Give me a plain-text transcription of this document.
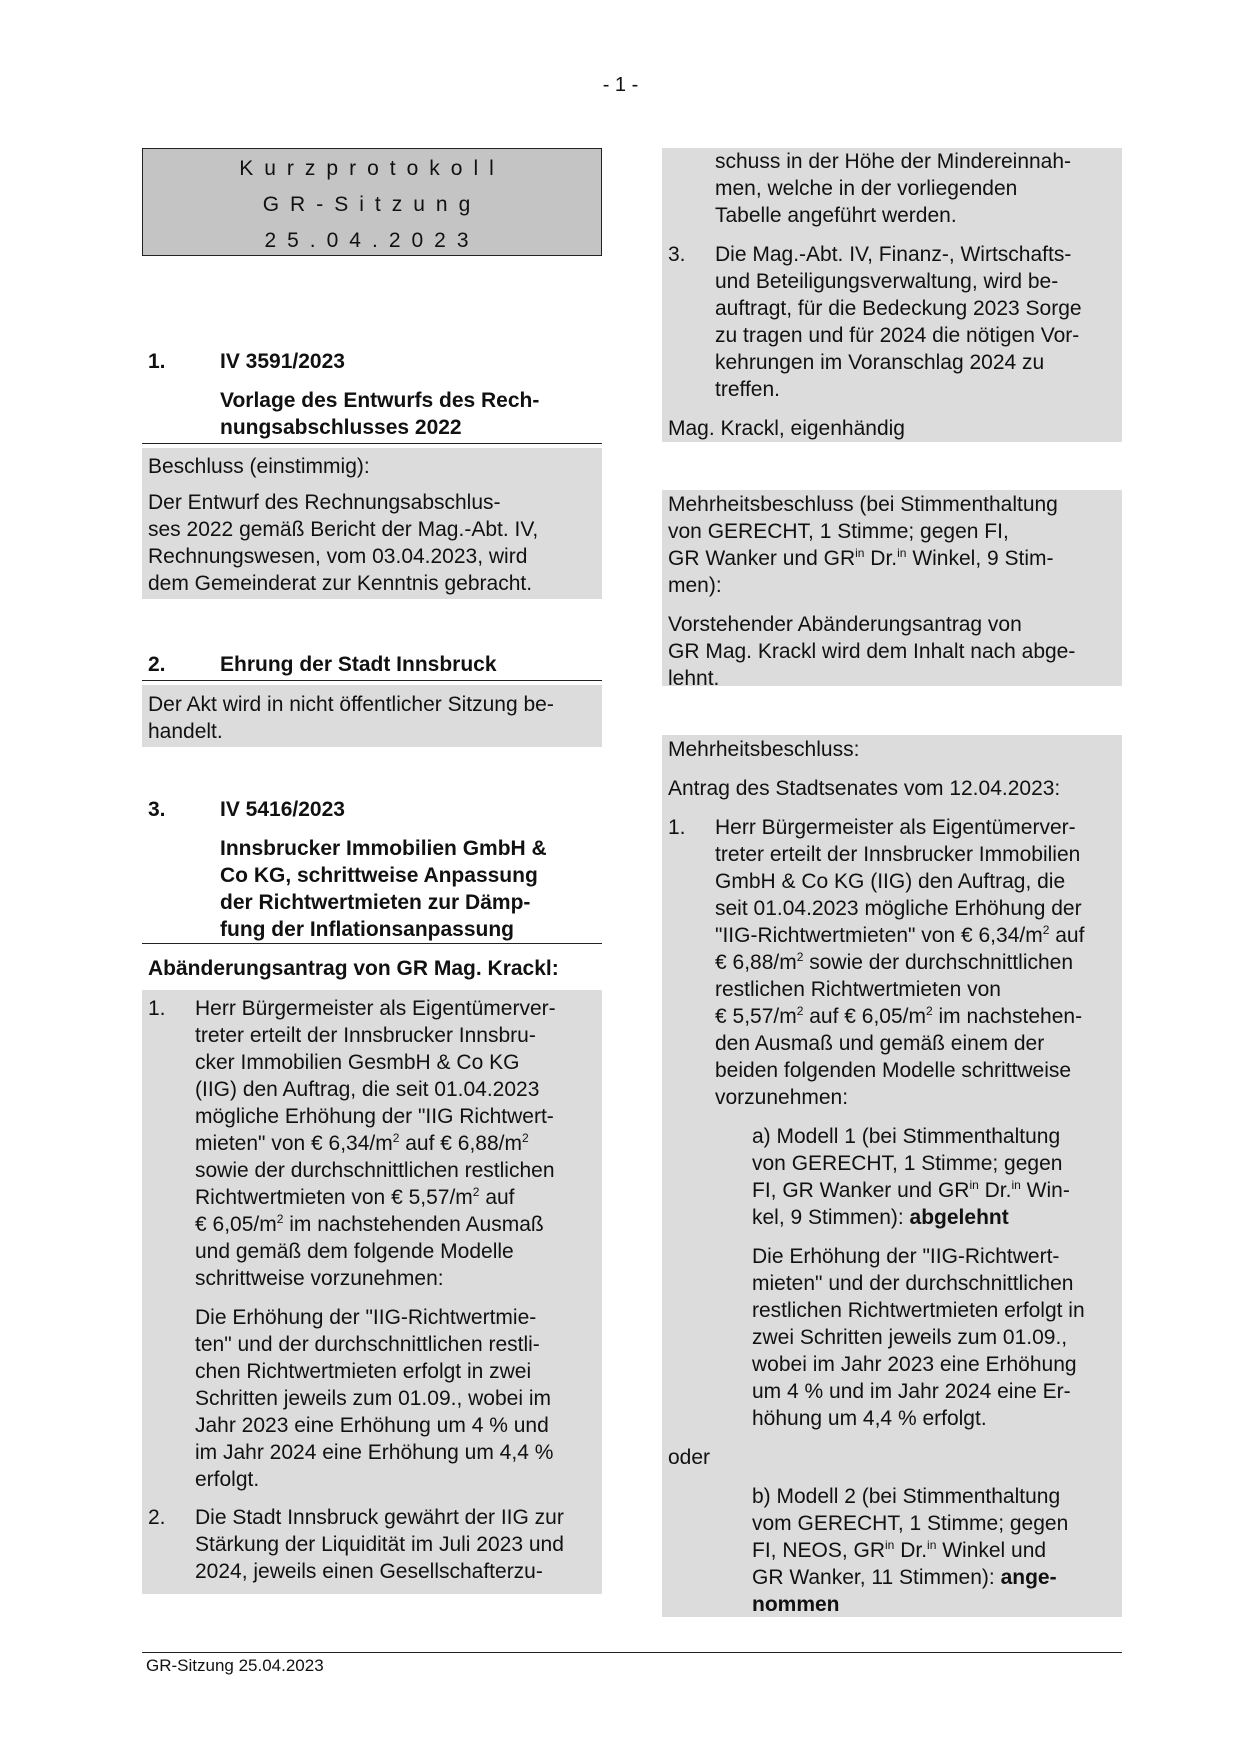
- 1 -
Kurzprotokoll
GR-Sitzung
25.04.2023
1.	IV 3591/2023
Vorlage des Entwurfs des Rech-
nungsabschlusses 2022
Beschluss (einstimmig):
Der Entwurf des Rechnungsabschlus-
ses 2022 gemäß Bericht der Mag.-Abt. IV,
Rechnungswesen, vom 03.04.2023, wird
dem Gemeinderat zur Kenntnis gebracht.
2.	Ehrung der Stadt Innsbruck
Der Akt wird in nicht öffentlicher Sitzung be-
handelt.
3.	IV 5416/2023
Innsbrucker Immobilien GmbH &
Co KG, schrittweise Anpassung
der Richtwertmieten zur Dämp-
fung der Inflationsanpassung
Abänderungsantrag von GR Mag. Krackl:
1. Herr Bürgermeister als Eigentümerver-
treter erteilt der Innsbrucker Innsbru-
cker Immobilien GesmbH & Co KG
(IIG) den Auftrag, die seit 01.04.2023
mögliche Erhöhung der "IIG Richtwert-
mieten" von € $6,34/m^2$ auf € $6,88/m^2$
sowie der durchschnittlichen restlichen
Richtwertmieten von € $5,57/m^2$ auf
€ $6,05/m^2$ im nachstehenden Ausmaß
und gemäß dem folgende Modelle
schrittweise vorzunehmen:
Die Erhöhung der "IIG-Richtwertmie-
ten" und der durchschnittlichen restli-
chen Richtwertmieten erfolgt in zwei
Schritten jeweils zum 01.09., wobei im
Jahr 2023 eine Erhöhung um 4 % und
im Jahr 2024 eine Erhöhung um 4,4 %
erfolgt.
2. Die Stadt Innsbruck gewährt der IIG zur
Stärkung der Liquidität im Juli 2023 und
2024, jeweils einen Gesellschafterzu-
schuss in der Höhe der Mindereinnah-
men, welche in der vorliegenden
Tabelle angeführt werden.
3. Die Mag.-Abt. IV, Finanz-, Wirtschafts-
und Beteiligungsverwaltung, wird be-
auftragt, für die Bedeckung 2023 Sorge
zu tragen und für 2024 die nötigen Vor-
kehrungen im Voranschlag 2024 zu
treffen.
Mag. Krackl, eigenhändig
Mehrheitsbeschluss (bei Stimmenthaltung
von GERECHT, 1 Stimme; gegen FI,
GR Wanker und $GR^{in}$ Dr.$^{in}$ Winkel, 9 Stim-
men):
Vorstehender Abänderungsantrag von
GR Mag. Krackl wird dem Inhalt nach abge-
lehnt.
Mehrheitsbeschluss:
Antrag des Stadtsenates vom 12.04.2023:
1. Herr Bürgermeister als Eigentümerver-
treter erteilt der Innsbrucker Immobilien
GmbH & Co KG (IIG) den Auftrag, die
seit 01.04.2023 mögliche Erhöhung der
"IIG-Richtwertmieten" von € $6,34/m^2$ auf
€ $6,88/m^2$ sowie der durchschnittlichen
restlichen Richtwertmieten von
€ $5,57/m^2$ auf € $6,05/m^2$ im nachstehen-
den Ausmaß und gemäß einem der
beiden folgenden Modelle schrittweise
vorzunehmen:
a) Modell 1 (bei Stimmenthaltung
von GERECHT, 1 Stimme; gegen
FI, GR Wanker und $GR^{in}$ Dr.$^{in}$ Win-
kel, 9 Stimmen): abgelehnt
Die Erhöhung der "IIG-Richtwert-
mieten" und der durchschnittlichen
restlichen Richtwertmieten erfolgt in
zwei Schritten jeweils zum 01.09.,
wobei im Jahr 2023 eine Erhöhung
um 4 % und im Jahr 2024 eine Er-
höhung um 4,4 % erfolgt.
oder
b) Modell 2 (bei Stimmenthaltung
vom GERECHT, 1 Stimme; gegen
FI, NEOS, $GR^{in}$ Dr.$^{in}$ Winkel und
GR Wanker, 11 Stimmen): ange-
nommen
GR-Sitzung 25.04.2023
